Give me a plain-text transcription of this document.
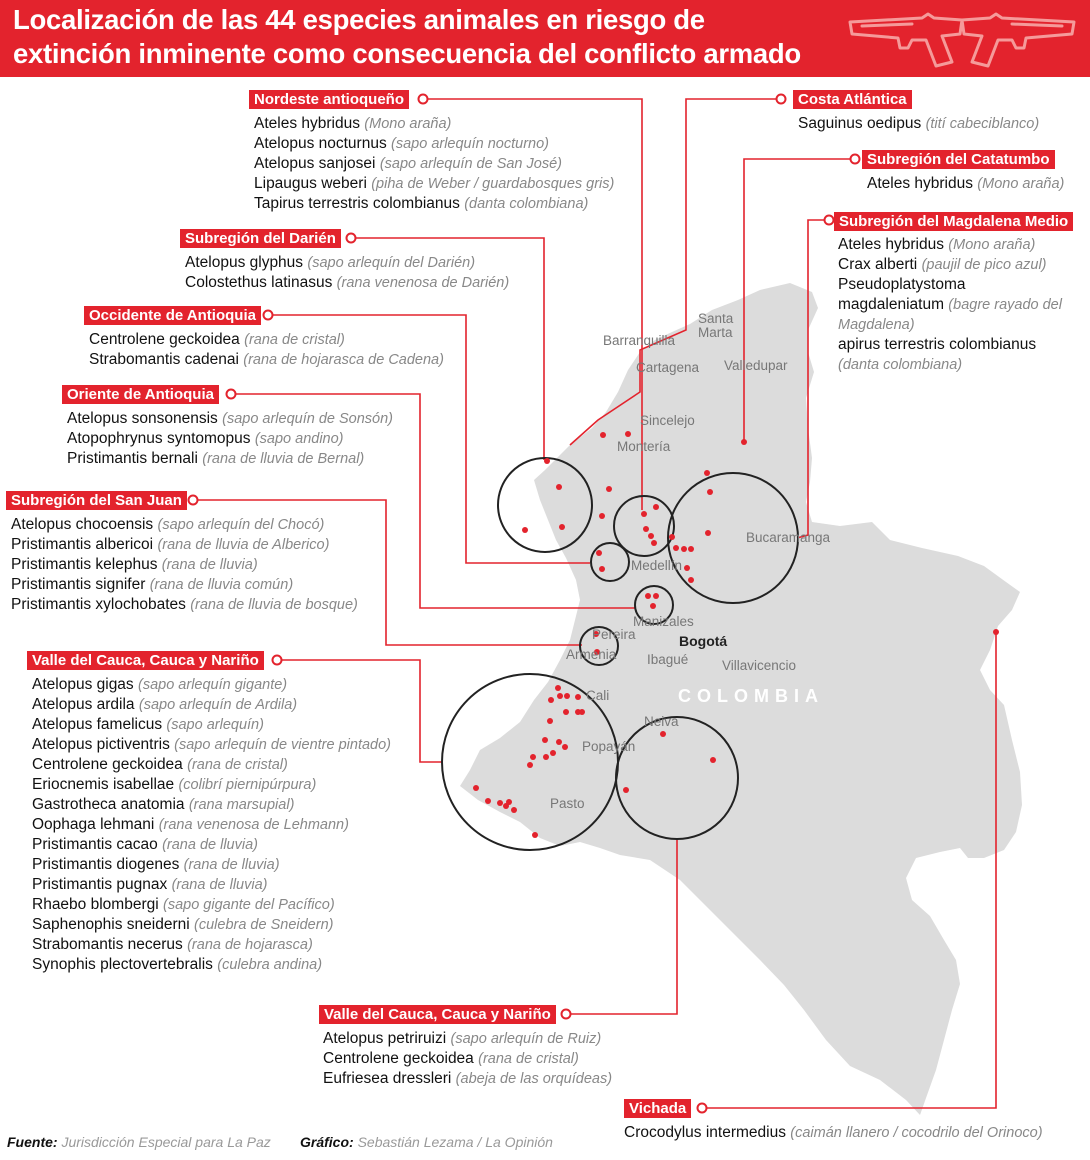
Localización de las 44 especies animales en riesgo de
extinción inminente como consecuencia del conflicto armado
Santa
Marta
Barranquilla
Cartagena Valledupar
Sincelejo
Montería
Bucaramanga
Medellín
Manizales
Pereira
Armenia
Bogotá
Ibagué Villavicencio
COLOMBIA
Cali
Neiva
Popayán
Pasto
Nordeste antioqueño
Ateles hybridus (Mono araña)
Atelopus nocturnus (sapo arlequín nocturno)
Atelopus sanjosei (sapo arlequín de San José)
Lipaugus weberi (piha de Weber / guardabosques gris)
Tapirus terrestris colombianus (danta colombiana)
Costa Atlántica
Saguinus oedipus (tití cabeciblanco)
Subregión del Catatumbo
Ateles hybridus (Mono araña)
Subregión del Magdalena Medio
Ateles hybridus (Mono araña)
Crax alberti (paujil de pico azul)
Pseudoplatystoma
magdaleniatum (bagre rayado del
Magdalena)
apirus terrestris colombianus
(danta colombiana)
Subregión del Darién
Atelopus glyphus (sapo arlequín del Darién)
Colostethus latinasus (rana venenosa de Darién)
Occidente de Antioquia
Centrolene geckoidea (rana de cristal)
Strabomantis cadenai (rana de hojarasca de Cadena)
Oriente de Antioquia
Atelopus sonsonensis (sapo arlequín de Sonsón)
Atopophrynus syntomopus (sapo andino)
Pristimantis bernali (rana de lluvia de Bernal)
Subregión del San Juan
Atelopus chocoensis (sapo arlequín del Chocó)
Pristimantis albericoi (rana de lluvia de Alberico)
Pristimantis kelephus (rana de lluvia)
Pristimantis signifer (rana de lluvia común)
Pristimantis xylochobates (rana de lluvia de bosque)
Valle del Cauca, Cauca y Nariño
Atelopus gigas (sapo arlequín gigante)
Atelopus ardila (sapo arlequín de Ardila)
Atelopus famelicus (sapo arlequín)
Atelopus pictiventris (sapo arlequín de vientre pintado)
Centrolene geckoidea (rana de cristal)
Eriocnemis isabellae (colibrí piernipúrpura)
Gastrotheca anatomia (rana marsupial)
Oophaga lehmani (rana venenosa de Lehmann)
Pristimantis cacao (rana de lluvia)
Pristimantis diogenes (rana de lluvia)
Pristimantis pugnax (rana de lluvia)
Rhaebo blombergi (sapo gigante del Pacífico)
Saphenophis sneiderni (culebra de Sneidern)
Strabomantis necerus (rana de hojarasca)
Synophis plectovertebralis (culebra andina)
Valle del Cauca, Cauca y Nariño
Atelopus petriruizi (sapo arlequín de Ruiz)
Centrolene geckoidea (rana de cristal)
Eufriesea dressleri (abeja de las orquídeas)
Vichada
Crocodylus intermedius (caimán llanero / cocodrilo del Orinoco)
Fuente: Jurisdicción Especial para La Paz Gráfico: Sebastián Lezama / La Opinión
